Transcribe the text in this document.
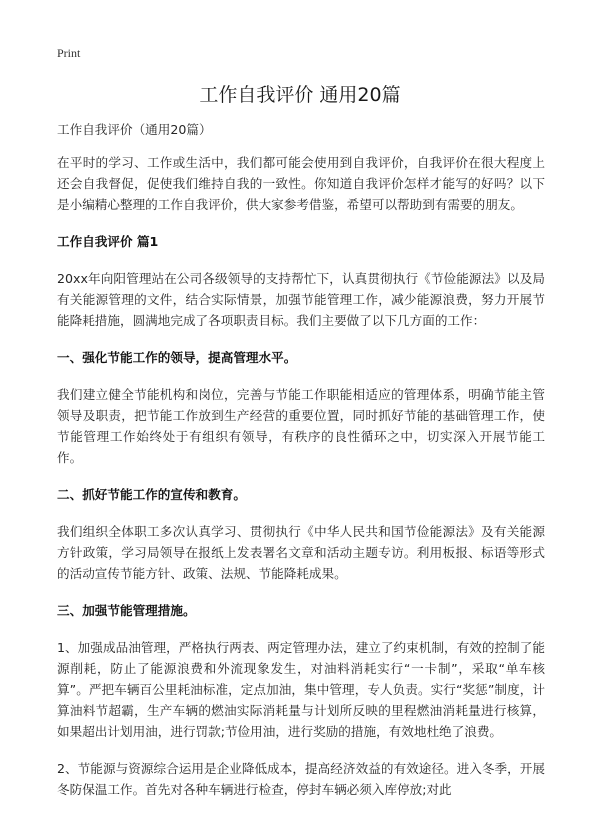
Print
工作自我评价 通用20篇

工作自我评价（通用20篇）

在平时的学习、工作或生活中，我们都可能会使用到自我评价，自我评价在很大程度上还会自我督促，促使我们维持自我的一致性。你知道自我评价怎样才能写的好吗？以下是小编精心整理的工作自我评价，供大家参考借鉴，希望可以帮助到有需要的朋友。

工作自我评价 篇1

20xx年向阳管理站在公司各级领导的支持帮忙下，认真贯彻执行《节俭能源法》以及局有关能源管理的文件，结合实际情景，加强节能管理工作，减少能源浪费，努力开展节能降耗措施，圆满地完成了各项职责目标。我们主要做了以下几方面的工作：

一、强化节能工作的领导，提高管理水平。

我们建立健全节能机构和岗位，完善与节能工作职能相适应的管理体系，明确节能主管领导及职责，把节能工作放到生产经营的重要位置，同时抓好节能的基础管理工作，使节能管理工作始终处于有组织有领导，有秩序的良性循环之中，切实深入开展节能工作。

二、抓好节能工作的宣传和教育。

我们组织全体职工多次认真学习、贯彻执行《中华人民共和国节俭能源法》及有关能源方针政策，学习局领导在报纸上发表署名文章和活动主题专访。利用板报、标语等形式的活动宣传节能方针、政策、法规、节能降耗成果。

三、加强节能管理措施。

1、加强成品油管理，严格执行两表、两定管理办法，建立了约束机制，有效的控制了能源削耗，防止了能源浪费和外流现象发生，对油料消耗实行“一卡制”，采取“单车核算”。严把车辆百公里耗油标准，定点加油，集中管理，专人负责。实行“奖惩”制度，计算油料节超霸，生产车辆的燃油实际消耗量与计划所反映的里程燃油消耗量进行核算，如果超出计划用油，进行罚款;节俭用油，进行奖励的措施，有效地杜绝了浪费。

2、节能源与资源综合运用是企业降低成本，提高经济效益的有效途径。进入冬季，开展冬防保温工作。首先对各种车辆进行检查，停封车辆必须入库停放;对此
